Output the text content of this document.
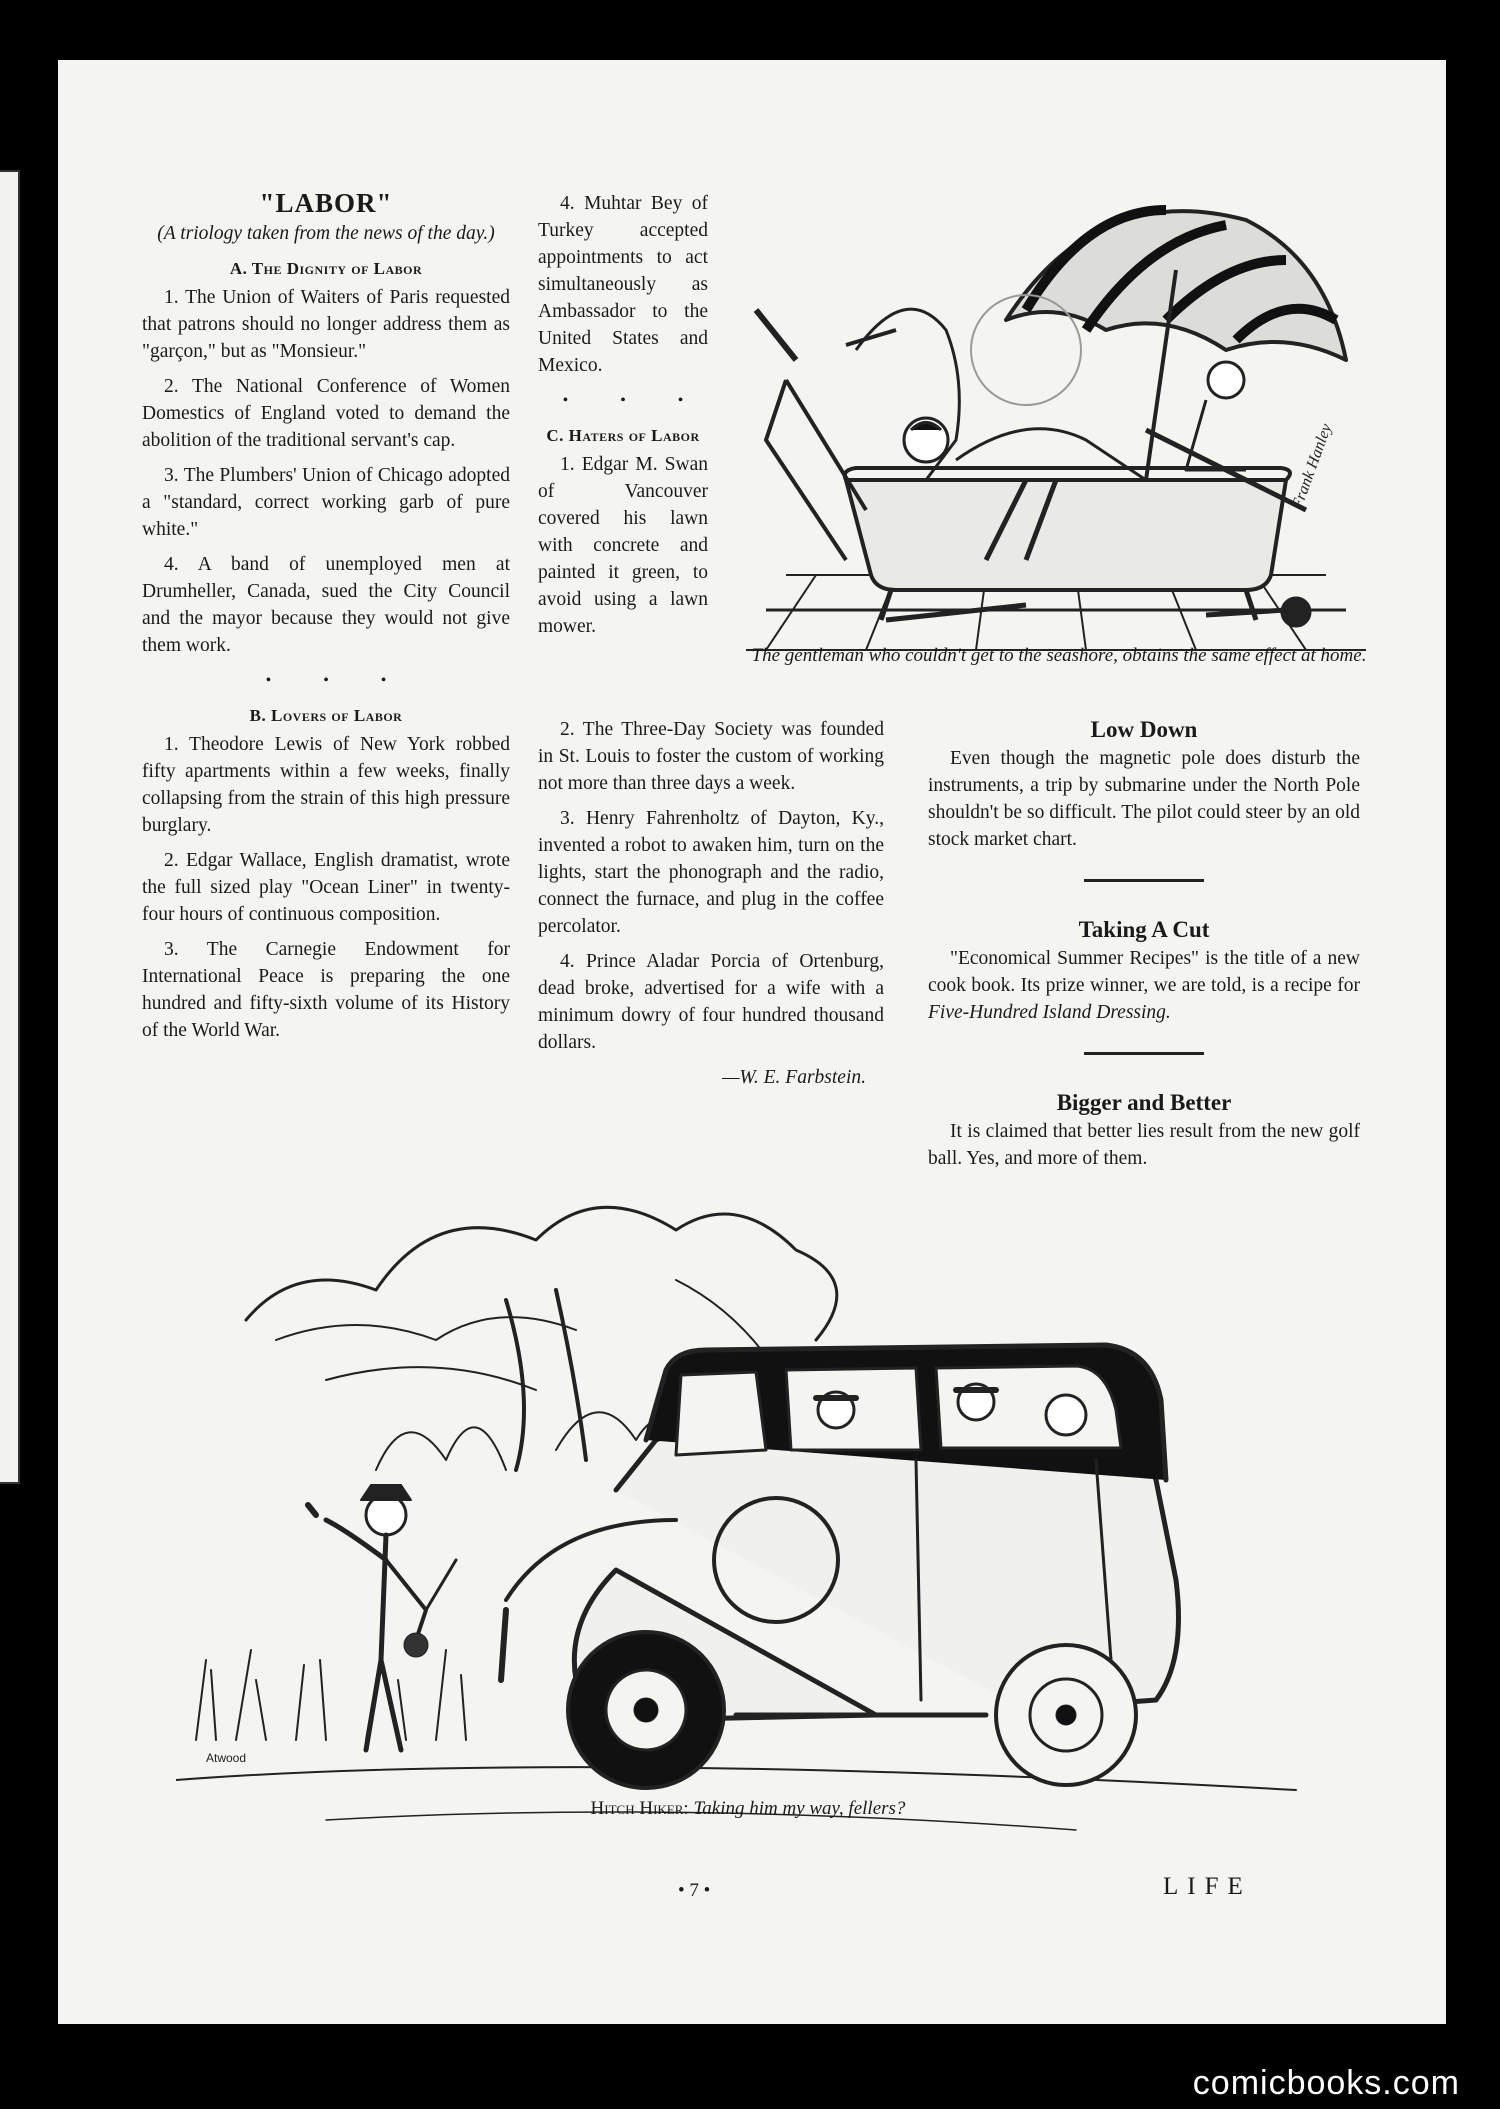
"LABOR"
(A triology taken from the news of the day.)
A. The Dignity of Labor

1. The Union of Waiters of Paris requested that patrons should no longer address them as "garçon," but as "Monsieur."

2. The National Conference of Women Domestics of England voted to demand the abolition of the traditional servant's cap.

3. The Plumbers' Union of Chicago adopted a "standard, correct working garb of pure white."

4. A band of unemployed men at Drumheller, Canada, sued the City Council and the mayor because they would not give them work.

• • •
B. Lovers of Labor

1. Theodore Lewis of New York robbed fifty apartments within a few weeks, finally collapsing from the strain of this high pressure burglary.

2. Edgar Wallace, English dramatist, wrote the full sized play "Ocean Liner" in twenty-four hours of continuous composition.

3. The Carnegie Endowment for International Peace is preparing the one hundred and fifty-sixth volume of its History of the World War.

4. Muhtar Bey of Turkey accepted appointments to act simultaneously as Ambassador to the United States and Mexico.

• • •
C. Haters of Labor

1. Edgar M. Swan of Vancouver covered his lawn with concrete and painted it green, to avoid using a lawn mower.

2. The Three-Day Society was founded in St. Louis to foster the custom of working not more than three days a week.

3. Henry Fahrenholtz of Dayton, Ky., invented a robot to awaken him, turn on the lights, start the phonograph and the radio, connect the furnace, and plug in the coffee percolator.

4. Prince Aladar Porcia of Ortenburg, dead broke, advertised for a wife with a minimum dowry of four hundred thousand dollars.

—W. E. Farbstein.
Frank Hanley
The gentleman who couldn't get to the seashore, obtains the same effect at home.
Low Down

Even though the magnetic pole does disturb the instruments, a trip by submarine under the North Pole shouldn't be so difficult. The pilot could steer by an old stock market chart.

Taking A Cut

"Economical Summer Recipes" is the title of a new cook book. Its prize winner, we are told, is a recipe for Five-Hundred Island Dressing.

Bigger and Better

It is claimed that better lies result from the new golf ball. Yes, and more of them.

Atwood
Hitch Hiker: Taking him my way, fellers?
• 7 •	LIFE
comicbooks.com
